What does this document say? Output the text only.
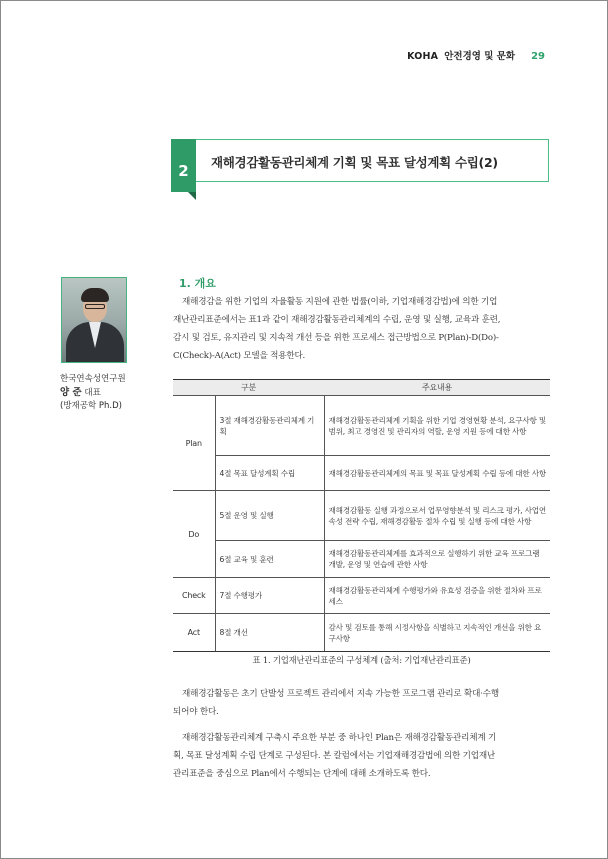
KOHA 안전경영 및 문화 29
2	재해경감활동관리체계 기획 및 목표 달성계획 수립(2)
한국연속성연구원
양 준 대표
(방재공학 Ph.D)
1. 개요
재해경감을 위한 기업의 자율활동 지원에 관한 법률(이하, 기업재해경감법)에 의한 기업
재난관리표준에서는 표1과 같이 재해경감활동관리체계의 수립, 운영 및 실행, 교육과 훈련,
감시 및 검토, 유지관리 및 지속적 개선 등을 위한 프로세스 접근방법으로 P(Plan)-D(Do)-
C(Check)-A(Act) 모델을 적용한다.
구분		주요내용
Plan	3절 재해경감활동관리체계 기획	재해경감활동관리체계 기획을 위한 기업 경영현황 분석, 요구사항 및 범위, 최고 경영진 및 관리자의 역할, 운영 지원 등에 대한 사항
	4절 목표 달성계획 수립	재해경감활동관리체계의 목표 및 목표 달성계획 수립 등에 대한 사항
Do	5절 운영 및 실행	재해경감활동 실행 과정으로서 업무영향분석 및 리스크 평가, 사업연속성 전략 수립, 재해경감활동 절차 수립 및 실행 등에 대한 사항
	6절 교육 및 훈련	재해경감활동관리체계를 효과적으로 실행하기 위한 교육 프로그램 개발, 운영 및 연습에 관한 사항
Check	7절 수행평가	재해경감활동관리체계 수행평가와 유효성 검증을 위한 절차와 프로세스
Act	8절 개선	감사 및 검토를 통해 시정사항을 식별하고 지속적인 개선을 위한 요구사항
표 1. 기업재난관리표준의 구성체계 (출처: 기업재난관리표준)
재해경감활동은 초기 단발성 프로젝트 관리에서 지속 가능한 프로그램 관리로 확대·수행
되어야 한다.
재해경감활동관리체계 구축시 주요한 부분 중 하나인 Plan은 재해경감활동관리체계 기
획, 목표 달성계획 수립 단계로 구성된다. 본 칼럼에서는 기업재해경감법에 의한 기업재난
관리표준을 중심으로 Plan에서 수행되는 단계에 대해 소개하도록 한다.
